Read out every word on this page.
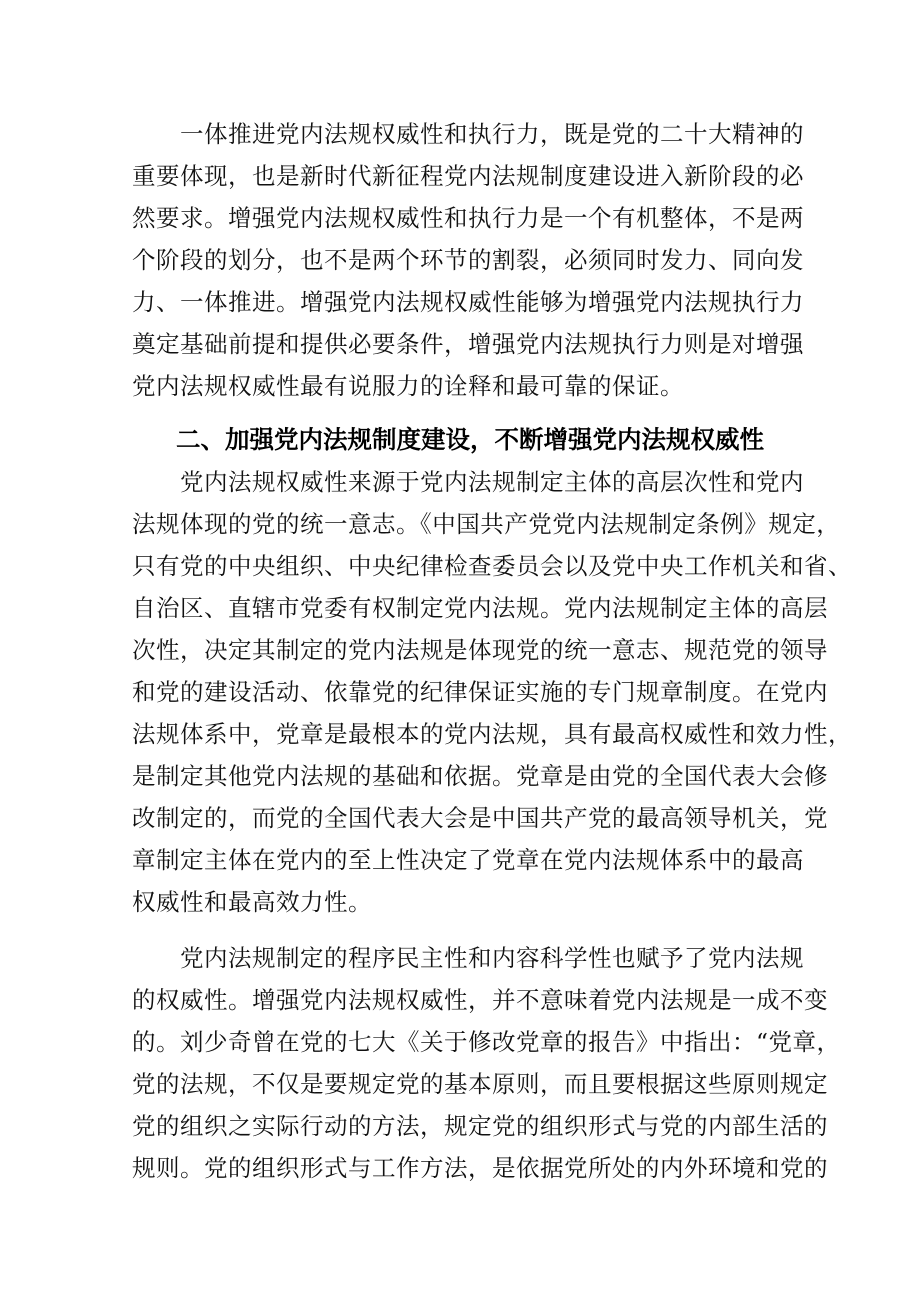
一体推进党内法规权威性和执行力，既是党的二十大精神的
重要体现，也是新时代新征程党内法规制度建设进入新阶段的必
然要求。增强党内法规权威性和执行力是一个有机整体，不是两
个阶段的划分，也不是两个环节的割裂，必须同时发力、同向发
力、一体推进。增强党内法规权威性能够为增强党内法规执行力
奠定基础前提和提供必要条件，增强党内法规执行力则是对增强
党内法规权威性最有说服力的诠释和最可靠的保证。
二、加强党内法规制度建设，不断增强党内法规权威性
党内法规权威性来源于党内法规制定主体的高层次性和党内
法规体现的党的统一意志。《中国共产党党内法规制定条例》规定，
只有党的中央组织、中央纪律检查委员会以及党中央工作机关和省、
自治区、直辖市党委有权制定党内法规。党内法规制定主体的高层
次性，决定其制定的党内法规是体现党的统一意志、规范党的领导
和党的建设活动、依靠党的纪律保证实施的专门规章制度。在党内
法规体系中，党章是最根本的党内法规，具有最高权威性和效力性，
是制定其他党内法规的基础和依据。党章是由党的全国代表大会修
改制定的，而党的全国代表大会是中国共产党的最高领导机关，党
章制定主体在党内的至上性决定了党章在党内法规体系中的最高
权威性和最高效力性。
党内法规制定的程序民主性和内容科学性也赋予了党内法规
的权威性。增强党内法规权威性，并不意味着党内法规是一成不变
的。刘少奇曾在党的七大《关于修改党章的报告》中指出：“党章，
党的法规，不仅是要规定党的基本原则，而且要根据这些原则规定
党的组织之实际行动的方法，规定党的组织形式与党的内部生活的
规则。党的组织形式与工作方法，是依据党所处的内外环境和党的
